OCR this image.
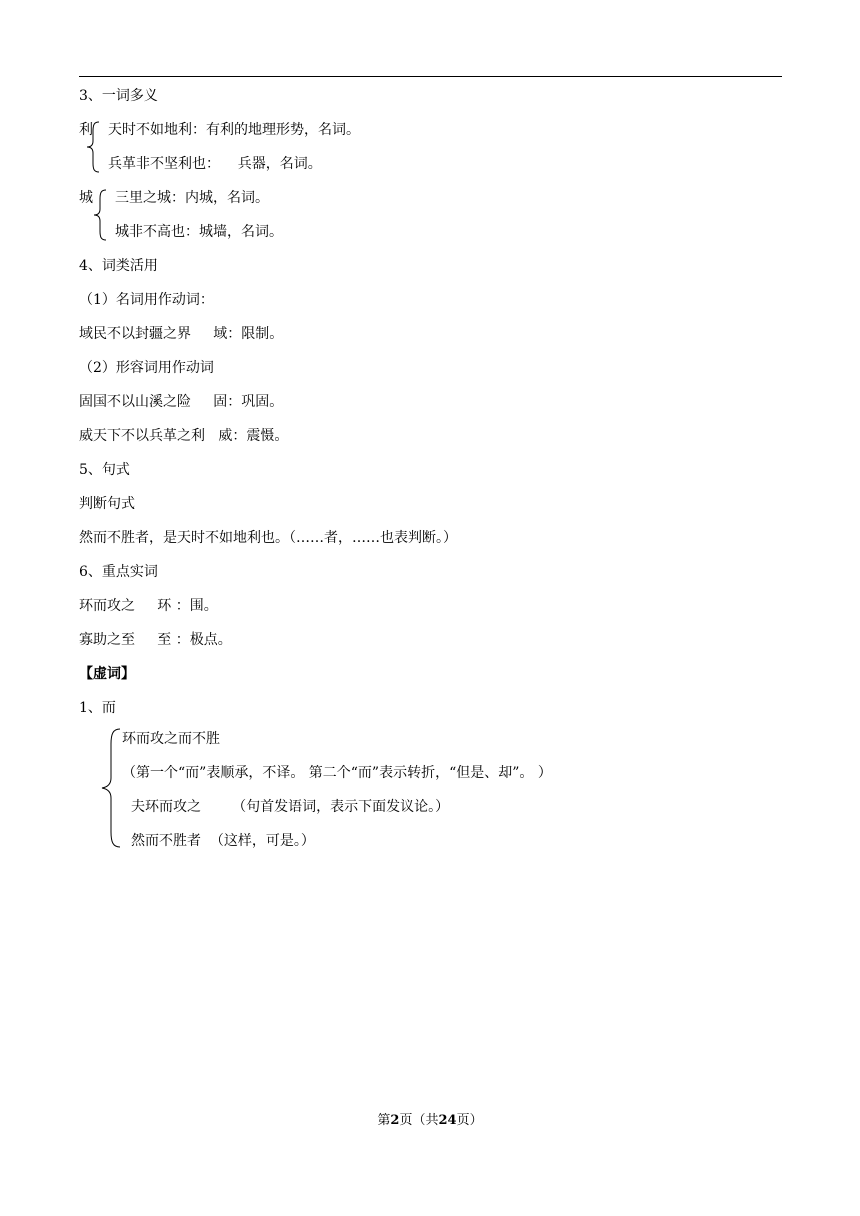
3、一词多义
利 天时不如地利：有利的地理形势，名词。
兵革非不坚利也：    兵器，名词。
城 三里之城：内城，名词。
城非不高也：城墙，名词。
4、词类活用
（1）名词用作动词：
域民不以封疆之界     域：限制。
（2）形容词用作动词
固国不以山溪之险     固：巩固。
威天下不以兵革之利   威：震慑。
5、句式
判断句式
然而不胜者，是天时不如地利也。（……者，……也表判断。）
6、重点实词
环而攻之     环 ：围。
寡助之至     至 ：极点。
【虚词】
1、而
环而攻之而不胜
（第一个“而”表顺承，不译。 第二个“而”表示转折，“但是、却”。 ）
夫环而攻之       （句首发语词，表示下面发议论。）
然而不胜者  （这样，可是。）
第2页（共24页）
